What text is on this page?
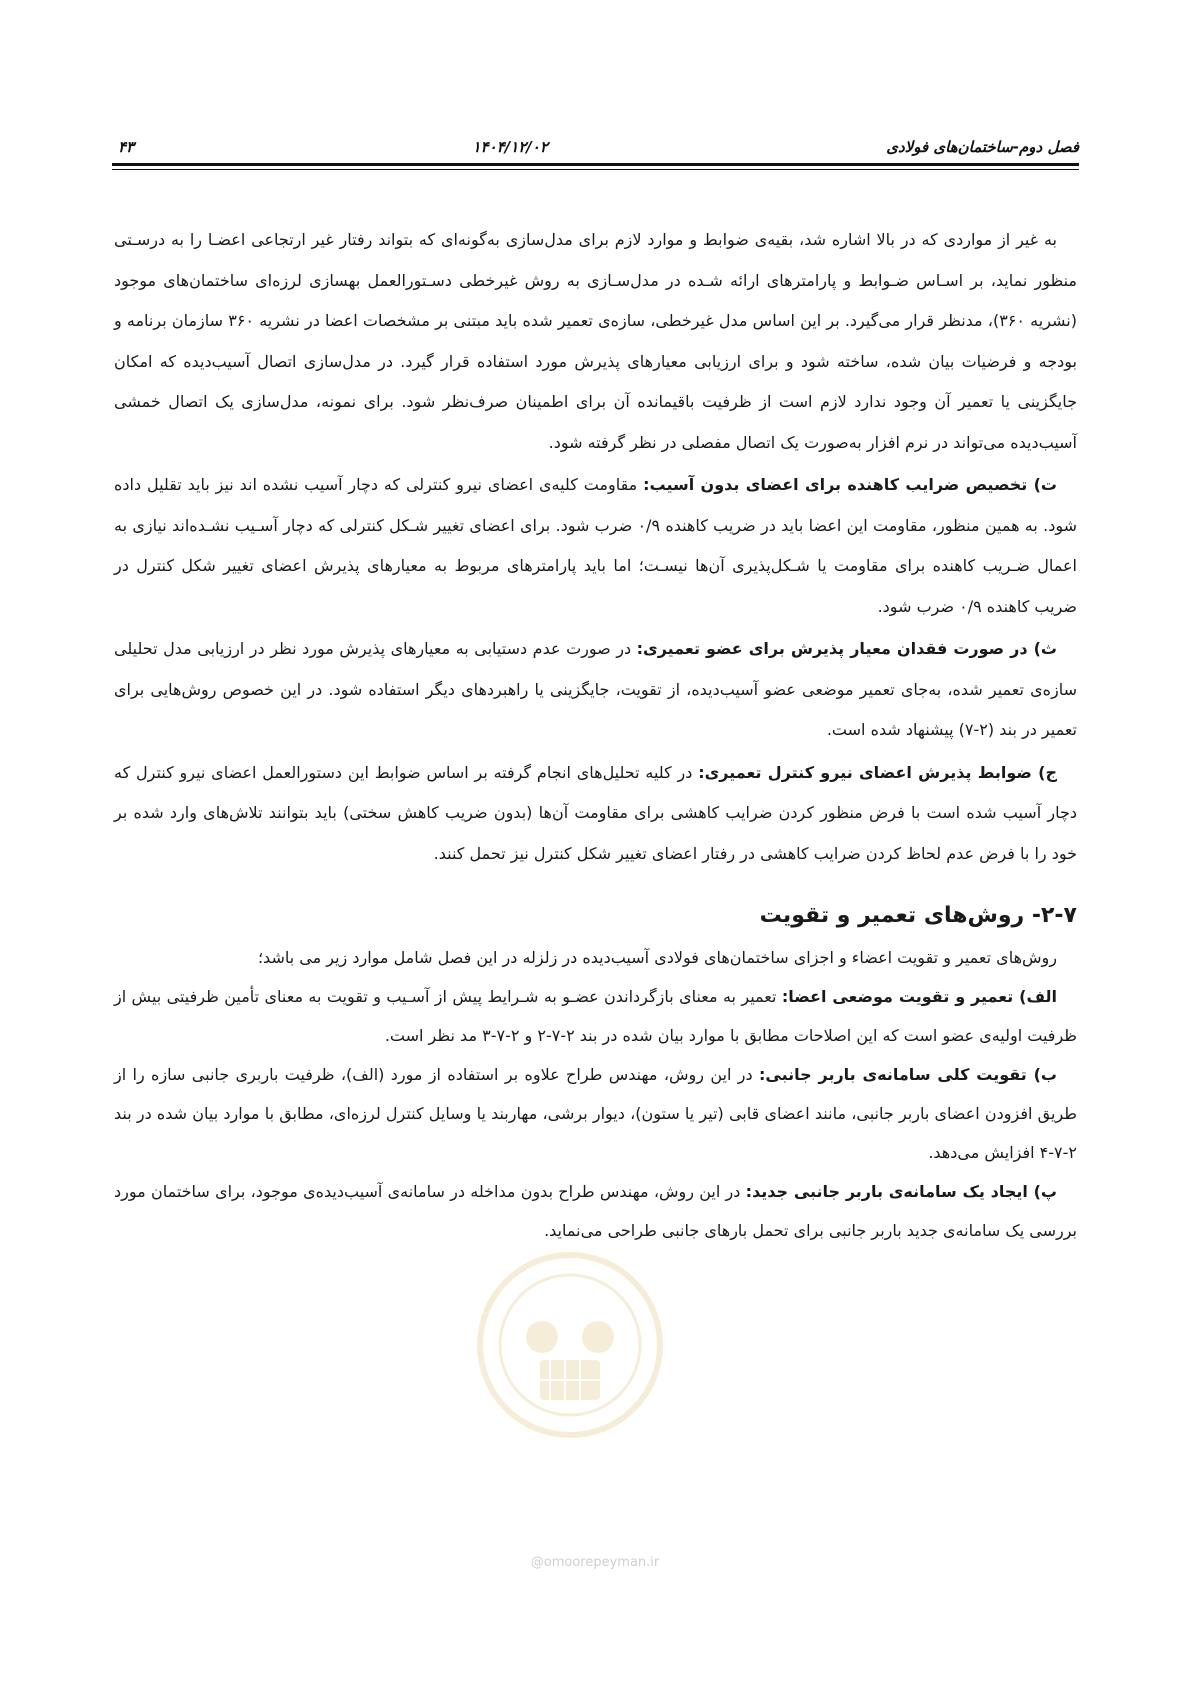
فصل دوم-ساختمان‌های فولادی
۱۴۰۴/۱۲/۰۲
۴۳

به غیر از مواردی که در بالا اشاره شد، بقیه‌ی ضوابط و موارد لازم برای مدل‌سازی به‌گونه‌ای که بتواند رفتار غیر ارتجاعی اعضـا را به درسـتی منظور نماید، بر اسـاس ضـوابط و پارامترهای ارائه شـده در مدل‌سـازی به روش غیرخطی دسـتورالعمل بهسازی لرزه‌ای ساختمان‌های موجود (نشریه ۳۶۰)، مدنظر قرار می‌گیرد. بر این اساس مدل غیرخطی، سازه‌ی تعمیر شده باید مبتنی بر مشخصات اعضا در نشریه ۳۶۰ سازمان برنامه و بودجه و فرضیات بیان شده، ساخته شود و برای ارزیابی معیارهای پذیرش مورد استفاده قرار گیرد. در مدل‌سازی اتصال آسیب‌دیده که امکان جایگزینی یا تعمیر آن وجود ندارد لازم است از ظرفیت باقیمانده آن برای اطمینان صرف‌نظر شود. برای نمونه، مدل‌سازی یک اتصال خمشی آسیب‌دیده می‌تواند در نرم افزار به‌صورت یک اتصال مفصلی در نظر گرفته شود.

ت) تخصیص ضرایب کاهنده برای اعضای بدون آسیب: مقاومت کلیه‌ی اعضای نیرو کنترلی که دچار آسیب نشده اند نیز باید تقلیل داده شود. به همین منظور، مقاومت این اعضا باید در ضریب کاهنده ۰/۹ ضرب شود. برای اعضای تغییر شـکل کنترلی که دچار آسـیب نشـده‌اند نیازی به اعمال ضـریب کاهنده برای مقاومت یا شـکل‌پذیری آن‌ها نیسـت؛ اما باید پارامترهای مربوط به معیارهای پذیرش اعضای تغییر شکل کنترل در ضریب کاهنده ۰/۹ ضرب شود.

ث) در صورت فقدان معیار پذیرش برای عضو تعمیری: در صورت عدم دستیابی به معیارهای پذیرش مورد نظر در ارزیابی مدل تحلیلی سازه‌ی تعمیر شده، به‌جای تعمیر موضعی عضو آسیب‌دیده، از تقویت، جایگزینی یا راهبردهای دیگر استفاده شود. در این خصوص روش‌هایی برای تعمیر در بند (۲-۷) پیشنهاد شده است.

ج) ضوابط پذیرش اعضای نیرو کنترل تعمیری: در کلیه تحلیل‌های انجام گرفته بر اساس ضوابط این دستورالعمل اعضای نیرو کنترل که دچار آسیب شده است با فرض منظور کردن ضرایب کاهشی برای مقاومت آن‌ها (بدون ضریب کاهش سختی) باید بتوانند تلاش‌های وارد شده بر خود را با فرض عدم لحاظ کردن ضرایب کاهشی در رفتار اعضای تغییر شکل کنترل نیز تحمل کنند.

۲-۷- روش‌های تعمیر و تقویت

روش‌های تعمیر و تقویت اعضاء و اجزای ساختمان‌های فولادی آسیب‌دیده در زلزله در این فصل شامل موارد زیر می باشد؛

الف) تعمیر و تقویت موضعی اعضا: تعمیر به معنای بازگرداندن عضـو به شـرایط پیش از آسـیب و تقویت به معنای تأمین ظرفیتی بیش از ظرفیت اولیه‌ی عضو است که این اصلاحات مطابق با موارد بیان شده در بند ۲-۷-۲ و ۲-۷-۳ مد نظر است.

ب) تقویت کلی سامانه‌ی باربر جانبی: در این روش، مهندس طراح علاوه بر استفاده از مورد (الف)، ظرفیت باربری جانبی سازه را از طریق افزودن اعضای باربر جانبی، مانند اعضای قابی (تیر یا ستون)، دیوار برشی، مهاربند یا وسایل کنترل لرزه‌ای، مطابق با موارد بیان شده در بند ۲-۷-۴ افزایش می‌دهد.

پ) ایجاد یک سامانه‌ی باربر جانبی جدید: در این روش، مهندس طراح بدون مداخله در سامانه‌ی آسیب‌دیده‌ی موجود، برای ساختمان مورد بررسی یک سامانه‌ی جدید باربر جانبی برای تحمل بارهای جانبی طراحی می‌نماید.

@omoorepeyman.ir
